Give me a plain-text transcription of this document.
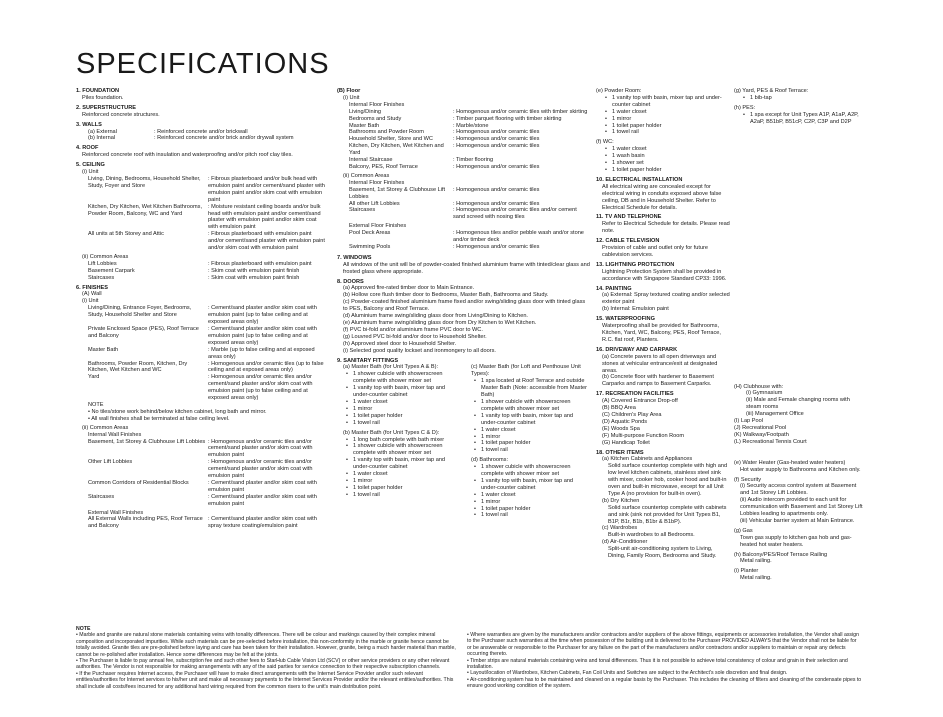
SPECIFICATIONS
1. FOUNDATION
Piles foundation.
2. SUPERSTRUCTURE
Reinforced concrete structures.
3. WALLS
(a) External	: Reinforced concrete and/or brickwall
(b) Internal	: Reinforced concrete and/or brick and/or drywall system
4. ROOF
Reinforced concrete roof with insulation and waterproofing and/or pitch roof clay tiles.
5. CEILING
(i) Unit
Living, Dining, Bedrooms, Household Shelter, Study, Foyer and Store
: Fibrous plasterboard and/or bulk head with emulsion paint and/or cement/sand plaster with emulsion paint and/or skim coat with emulsion paint
Kitchen, Dry Kitchen, Wet Kitchen Bathrooms, Powder Room, Balcony, WC and Yard
: Moisture resistant ceiling boards and/or bulk head with emulsion paint and/or cement/sand plaster with emulsion paint and/or skim coat with emulsion paint
All units at 5th Storey and Attic	: Fibrous plasterboard with emulsion paint and/or cement/sand plaster with emulsion paint and/or skim coat with emulsion paint
(ii) Common Areas
Lift Lobbies	: Fibrous plasterboard with emulsion paint
Basement Carpark	: Skim coat with emulsion paint finish
Staircases	: Skim coat with emulsion paint finish
6. FINISHES
(A) Wall
(i) Unit
Living/Dining, Entrance Foyer, Bedrooms, Study, Household Shelter and Store
: Cement/sand plaster and/or skim coat with emulsion paint (up to false ceiling and at exposed areas only)
Private Enclosed Space (PES), Roof Terrace and Balcony
: Cement/sand plaster and/or skim coat with emulsion paint (up to false ceiling and at exposed areas only)
Master Bath	: Marble (up to false ceiling and at exposed areas only)
Bathrooms, Powder Room, Kitchen, Dry Kitchen, Wet Kitchen and WC
: Homogenous and/or ceramic tiles (up to false ceiling and at exposed areas only)
Yard	: Homogenous and/or ceramic tiles and/or cement/sand plaster and/or skim coat with emulsion paint (up to false ceiling and at exposed areas only)
NOTE
• No tiles/stone work behind/below kitchen cabinet, long bath and mirror.
• All wall finishes shall be terminated at false ceiling level.
(ii) Common Areas
Internal Wall Finishes
Basement, 1st Storey & Clubhouse Lift Lobbies : Homogenous and/or ceramic tiles and/or cement/sand plaster and/or skim coat with emulsion paint
Other Lift Lobbies	: Homogenous and/or ceramic tiles and/or cement/sand plaster and/or skim coat with emulsion paint
Common Corridors of Residential Blocks	: Cement/sand plaster and/or skim coat with emulsion paint
Staircases	: Cement/sand plaster and/or skim coat with emulsion paint
External Wall Finishes
All External Walls including PES, Roof Terrace and Balcony
: Cement/sand plaster and/or skim coat with spray texture coating/emulsion paint
(B) Floor
(i) Unit
Internal Floor Finishes
Living/Dining	: Homogenous and/or ceramic tiles with timber skirting
Bedrooms and Study	: Timber parquet flooring with timber skirting
Master Bath	: Marble/stone
Bathrooms and Powder Room	: Homogenous and/or ceramic tiles
Household Shelter, Store and WC	: Homogenous and/or ceramic tiles
Kitchen, Dry Kitchen, Wet Kitchen and Yard
: Homogenous and/or ceramic tiles
Internal Staircase	: Timber flooring
Balcony, PES, Roof Terrace	: Homogenous and/or ceramic tiles
(ii) Common Areas
Internal Floor Finishes
Basement, 1st Storey & Clubhouse Lift Lobbies
: Homogenous and/or ceramic tiles
All other Lift Lobbies	: Homogenous and/or ceramic tiles
Staircases	: Homogenous and/or ceramic tiles and/or cement sand screed with nosing tiles
External Floor Finishes
Pool Deck Areas	: Homogenous tiles and/or pebble wash and/or stone and/or timber deck
Swimming Pools	: Homogenous and/or ceramic tiles
7. WINDOWS
All windows of the unit will be of powder-coated finished aluminium frame with tinted/clear glass and frosted glass where appropriate.
8. DOORS
(a) Approved fire-rated timber door to Main Entrance.
(b) Hollow core flush timber door to Bedrooms, Master Bath, Bathrooms and Study.
(c) Powder-coated finished aluminium frame fixed and/or swing/sliding glass door with tinted glass to PES, Balcony and Roof Terrace.
(d) Aluminium frame swing/sliding glass door from Living/Dining to Kitchen.
(e) Aluminium frame swing/sliding glass door from Dry Kitchen to Wet Kitchen.
(f) PVC bi-fold and/or aluminium frame PVC door to WC.
(g) Louvred PVC bi-fold and/or door to Household Shelter.
(h) Approved steel door to Household Shelter.
(i) Selected good quality lockset and ironmongery to all doors.
9. SANITARY FITTINGS
(a) Master Bath (for Unit Types A & B):
• 1 shower cubicle with showerscreen complete with shower mixer set
• 1 vanity top with basin, mixer tap and under-counter cabinet
• 1 water closet
• 1 mirror
• 1 toilet paper holder
• 1 towel rail
(b) Master Bath (for Unit Types C & D):
• 1 long bath complete with bath mixer
• 1 shower cubicle with showerscreen complete with shower mixer set
• 1 vanity top with basin, mixer tap and under-counter cabinet
• 1 water closet
• 1 mirror
• 1 toilet paper holder
• 1 towel rail
(c) Master Bath (for Loft and Penthouse Unit Types):
• 1 spa located at Roof Terrace and outside Master Bath (Note: accessible from Master Bath)
• 1 shower cubicle with showerscreen complete with shower mixer set
• 1 vanity top with basin, mixer tap and under-counter cabinet
• 1 water closet
• 1 mirror
• 1 toilet paper holder
• 1 towel rail
(d) Bathrooms:
• 1 shower cubicle with showerscreen complete with shower mixer set
• 1 vanity top with basin, mixer tap and under-counter cabinet
• 1 water closet
• 1 mirror
• 1 toilet paper holder
• 1 towel rail
(e) Powder Room:
• 1 vanity top with basin, mixer tap and under-counter cabinet
• 1 water closet
• 1 mirror
• 1 toilet paper holder
• 1 towel rail
(f) WC:
• 1 water closet
• 1 wash basin
• 1 shower set
• 1 toilet paper holder
10. ELECTRICAL INSTALLATION
All electrical wiring are concealed except for electrical wiring in conduits exposed above false ceiling, DB and in Household Shelter. Refer to Electrical Schedule for details.
11. TV AND TELEPHONE
Refer to Electrical Schedule for details. Please read note.
12. CABLE TELEVISION
Provision of cable and outlet only for future cablevision services.
13. LIGHTNING PROTECTION
Lightning Protection System shall be provided in accordance with Singapore Standard CP33: 1996.
14. PAINTING
(a) External: Spray textured coating and/or selected exterior paint
(b) Internal: Emulsion paint
15. WATERPROOFING
Waterproofing shall be provided for Bathrooms, Kitchen, Yard, WC, Balcony, PES, Roof Terrace, R.C. flat roof, Planters.
16. DRIVEWAY AND CARPARK
(a) Concrete pavers to all open driveways and stones at vehicular entrance/exit at designated areas.
(b) Concrete floor with hardener to Basement Carparks and ramps to Basement Carparks.
17. RECREATION FACILITIES
(A) Covered Entrance Drop-off
(B) BBQ Area
(C) Children's Play Area
(D) Aquatic Ponds
(E) Woods Spa
(F) Multi-purpose Function Room
(G) Handicap Toilet
18. OTHER ITEMS
(a) Kitchen Cabinets and Appliances
Solid surface countertop complete with high and low level kitchen cabinets, stainless steel sink with mixer, cooker hob, cooker hood and built-in oven and built-in microwave, except for all Unit Type A (no provision for built-in oven).
(b) Dry Kitchen
Solid surface countertop complete with cabinets and sink (sink not provided for Unit Types B1, B1P, B1r, B1b, B1br & B1bP).
(c) Wardrobes
Built-in wardrobes to all Bedrooms.
(d) Air-Conditioner
Split-unit air-conditioning system to Living, Dining, Family Room, Bedrooms and Study.
(g) Yard, PES & Roof Terrace:
• 1 bib-tap
(h) PES:
• 1 spa except for Unit Types A1P, A1aP, A2P, A2aP, B51bP, B51cP, C2P, C3P and D2P
(H) Clubhouse with:
(i) Gymnasium
(ii) Male and Female changing rooms with steam rooms
(iii) Management Office
(I) Lap Pool
(J) Recreational Pool
(K) Walkway/Footpath
(L) Recreational Tennis Court
(e) Water Heater (Gas-heated water heaters)
Hot water supply to Bathrooms and Kitchen only.
(f) Security
(i) Security access control system at Basement and 1st Storey Lift Lobbies.
(ii) Audio intercom provided to each unit for communication with Basement and 1st Storey Lift Lobbies leading to apartments only.
(iii) Vehicular barrier system at Main Entrance.
(g) Gas
Town gas supply to kitchen gas hob and gas-heated hot water heaters.
(h) Balcony/PES/Roof Terrace Railing
Metal railing.
(i) Planter
Metal railing.
NOTE
• Marble and granite are natural stone materials containing veins with tonality differences. There will be colour and markings caused by their complex mineral composition and incorporated impurities. While such materials can be pre-selected before installation, this non-conformity in the marble or granite hence cannot be totally avoided. Granite tiles are pre-polished before laying and care has been taken for their installation. However, granite, being a much harder material than marble, cannot be re-polished after installation. Hence some differences may be felt at the joints.
• The Purchaser is liable to pay annual fee, subscription fee and such other fees to StarHub Cable Vision Ltd (SCV) or other service providers or any other relevant authorities. The Vendor is not responsible for making arrangements with any of the said parties for service connection to their respective subscription channels.
• If the Purchaser requires Internet access, the Purchaser will have to make direct arrangements with the Internet Service Provider and/or such relevant entities/authorities for Internet services to his/her unit and make all necessary payments to the Internet Services Provider and/or the relevant entities/authorities. This shall include all costs/fees incurred for any additional hard wiring required from the common risers to the unit's main distribution point.
• Where warranties are given by the manufacturers and/or contractors and/or suppliers of the above fittings, equipments or accessories installation, the Vendor shall assign to the Purchaser such warranties at the time when possession of the building unit is delivered to the Purchaser PROVIDED ALWAYS that the Vendor shall not be liable for or be answerable or responsible to the Purchaser for any failure on the part of the manufacturers and/or contractors and/or suppliers to maintain or repair any defects occurring thereto.
• Timber strips are natural materials containing veins and tonal differences. Thus it is not possible to achieve total consistency of colour and grain in their selection and installation.
• Layout/location of Wardrobes, Kitchen Cabinets, Fan Coil Units and Switches are subject to the Architect's sole discretion and final design.
• Air-conditioning system has to be maintained and cleaned on a regular basis by the Purchaser. This includes the cleaning of filters and cleaning of the condensate pipes to ensure good working condition of the system.
